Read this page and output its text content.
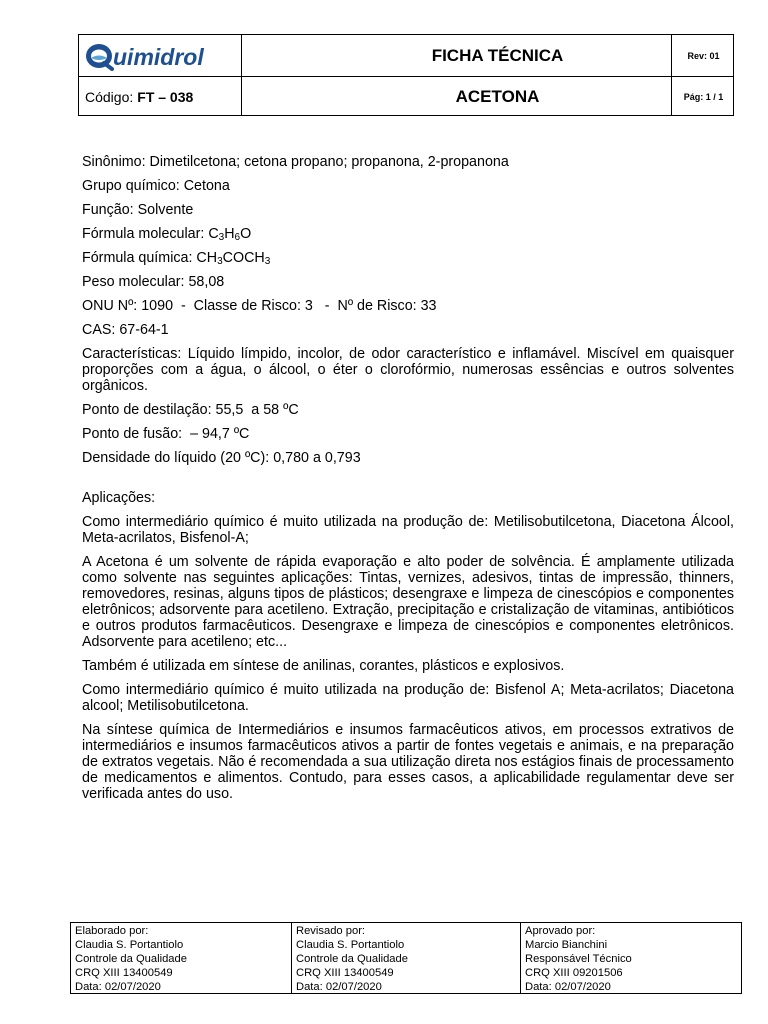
uimidrol
Código: FT – 038
FICHA TÉCNICA
ACETONA
Rev: 01
Pág: 1 / 1

Sinônimo: Dimetilcetona; cetona propano; propanona, 2-propanona

Grupo químico: Cetona

Função: Solvente

Fórmula molecular: $C_3H_6O$

Fórmula química: $CH_3COCH_3$

Peso molecular: 58,08

ONU Nº: 1090  -  Classe de Risco: 3   -  Nº de Risco: 33

CAS: 67-64-1

Características: Líquido límpido, incolor, de odor característico e inflamável. Miscível em quaisquer proporções com a água, o álcool, o éter o clorofórmio, numerosas essências e outros solventes orgânicos.

Ponto de destilação: 55,5  a 58 ºC

Ponto de fusão:  – 94,7 ºC

Densidade do líquido (20 ºC): 0,780 a 0,793

Aplicações:

Como intermediário químico é muito utilizada na produção de: Metilisobutilcetona, Diacetona Álcool, Meta-acrilatos, Bisfenol-A;

A Acetona é um solvente de rápida evaporação e alto poder de solvência. É amplamente utilizada como solvente nas seguintes aplicações: Tintas, vernizes, adesivos, tintas de impressão, thinners, removedores, resinas, alguns tipos de plásticos; desengraxe e limpeza de cinescópios e componentes eletrônicos; adsorvente para acetileno. Extração, precipitação e cristalização de vitaminas, antibióticos e outros produtos farmacêuticos. Desengraxe e limpeza de cinescópios e componentes eletrônicos. Adsorvente para acetileno; etc...

Também é utilizada em síntese de anilinas, corantes, plásticos e explosivos.

Como intermediário químico é muito utilizada na produção de: Bisfenol A; Meta-acrilatos; Diacetona alcool; Metilisobutilcetona.

Na síntese química de Intermediários e insumos farmacêuticos ativos, em processos extrativos de intermediários e insumos farmacêuticos ativos a partir de fontes vegetais e animais, e na preparação de extratos vegetais. Não é recomendada a sua utilização direta nos estágios finais de processamento de medicamentos e alimentos. Contudo, para esses casos, a aplicabilidade regulamentar deve ser verificada antes do uso.

Elaborado por:
Claudia S. Portantiolo
Controle da Qualidade
CRQ XIII 13400549
Data: 02/07/2020
Revisado por:
Claudia S. Portantiolo
Controle da Qualidade
CRQ XIII 13400549
Data: 02/07/2020
Aprovado por:
Marcio Bianchini
Responsável Técnico
CRQ XIII 09201506
Data: 02/07/2020
